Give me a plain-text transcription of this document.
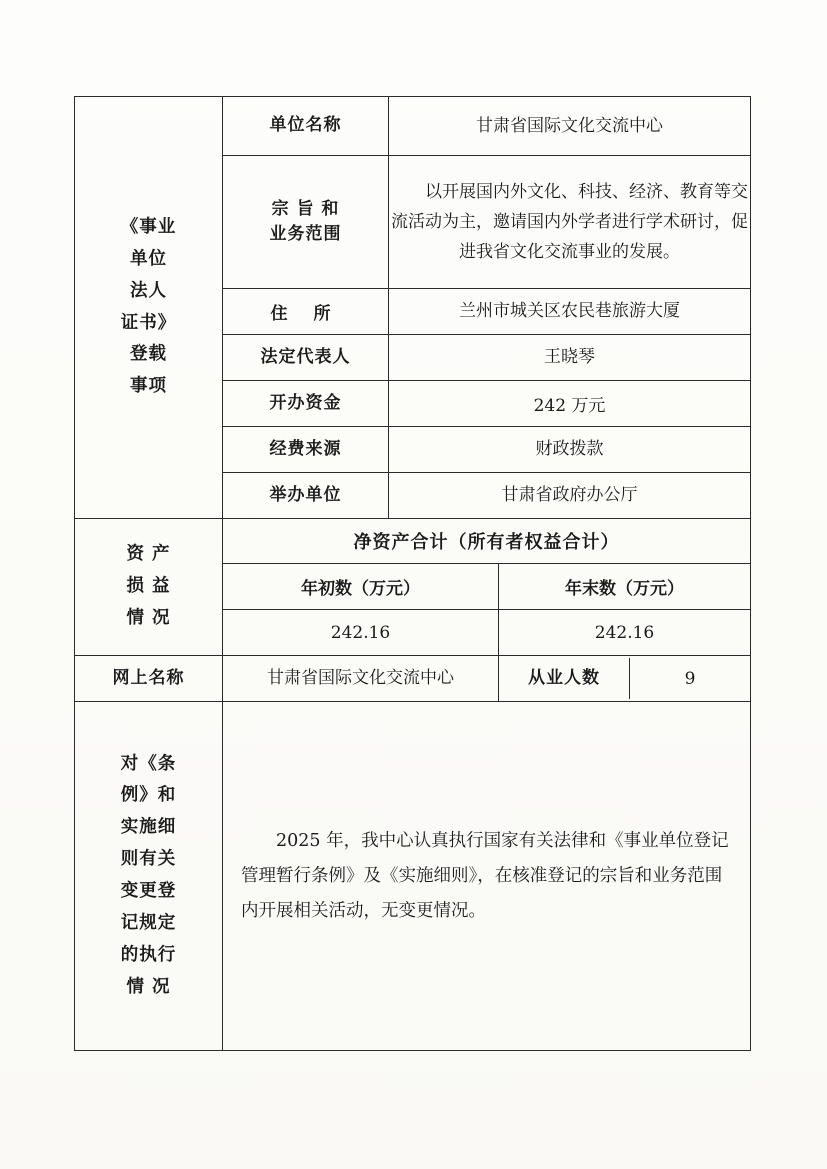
《事业
单位
法人
证书》
登载
事项
	单位名称	甘肃省国际文化交流中心

宗 旨 和
业务范围
	以开展国内外文化、科技、经济、教育等交流活动为主，邀请国内外学者进行学术研讨，促进我省文化交流事业的发展。
住 所	兰州市城关区农民巷旅游大厦
法定代表人	王晓琴
开办资金	242 万元
经费来源	财政拨款
举办单位	甘肃省政府办公厅

资 产
损 益
情 况
	净资产合计（所有者权益合计）
年初数（万元）	年末数（万元）
242.16	242.16
网上名称	甘肃省国际文化交流中心		从业人数	9

对《条
例》和
实施细
则有关
变更登
记规定
的执行
情 况

2025 年，我中心认真执行国家有关法律和《事业单位登记管理暂行条例》及《实施细则》，在核准登记的宗旨和业务范围内开展相关活动，无变更情况。
